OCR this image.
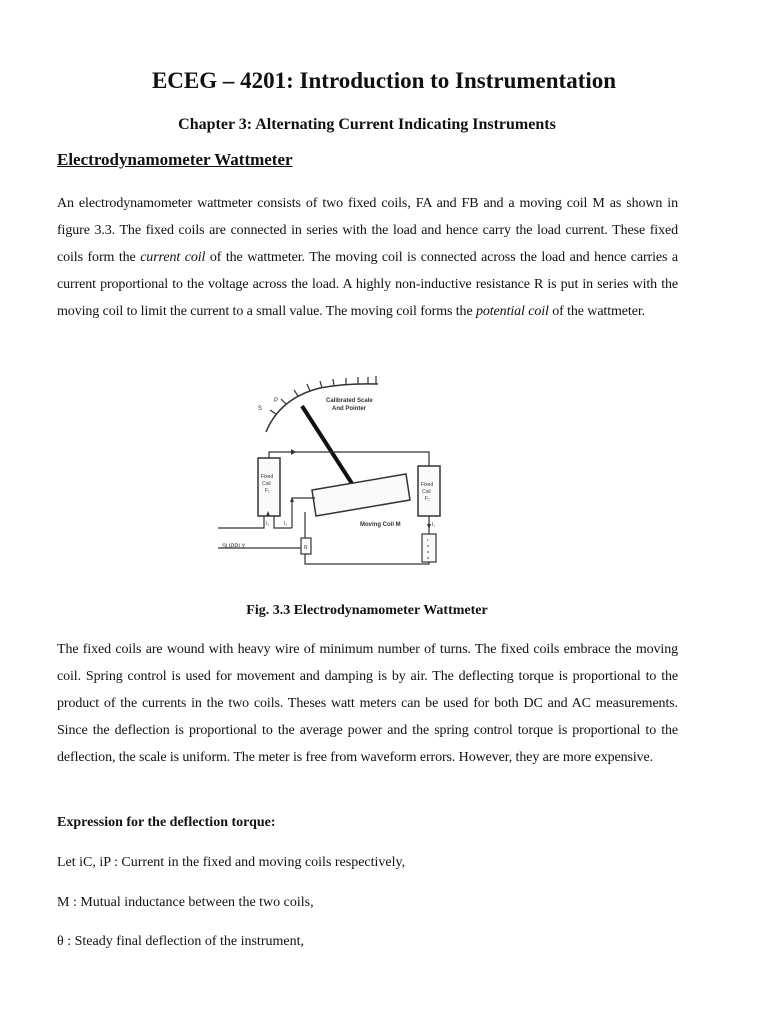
ECEG – 4201: Introduction to Instrumentation
Chapter 3: Alternating Current Indicating Instruments
Electrodynamometer Wattmeter

An electrodynamometer wattmeter consists of two fixed coils, FA and FB and a moving coil M as shown in figure 3.3. The fixed coils are connected in series with the load and hence carry the load current. These fixed coils form the current coil of the wattmeter. The moving coil is connected across the load and hence carries a current proportional to the voltage across the load. A highly non-inductive resistance R is put in series with the moving coil to limit the current to a small value. The moving coil forms the potential coil of the wattmeter.

S
P	Calibrated Scale
And Pointer
Fixed
Coil
F₁
Fixed
Coil
F₂
I₁	I₂	I₁
R
L
o
a
d
Moving Coil M
SUPPLY

Fig. 3.3 Electrodynamometer Wattmeter

The fixed coils are wound with heavy wire of minimum number of turns. The fixed coils embrace the moving coil. Spring control is used for movement and damping is by air. The deflecting torque is proportional to the product of the currents in the two coils. Theses watt meters can be used for both DC and AC measurements. Since the deflection is proportional to the average power and the spring control torque is proportional to the deflection, the scale is uniform. The meter is free from waveform errors. However, they are more expensive.

Expression for the deflection torque:

Let iC, iP : Current in the fixed and moving coils respectively,

M : Mutual inductance between the two coils,

θ : Steady final deflection of the instrument,
